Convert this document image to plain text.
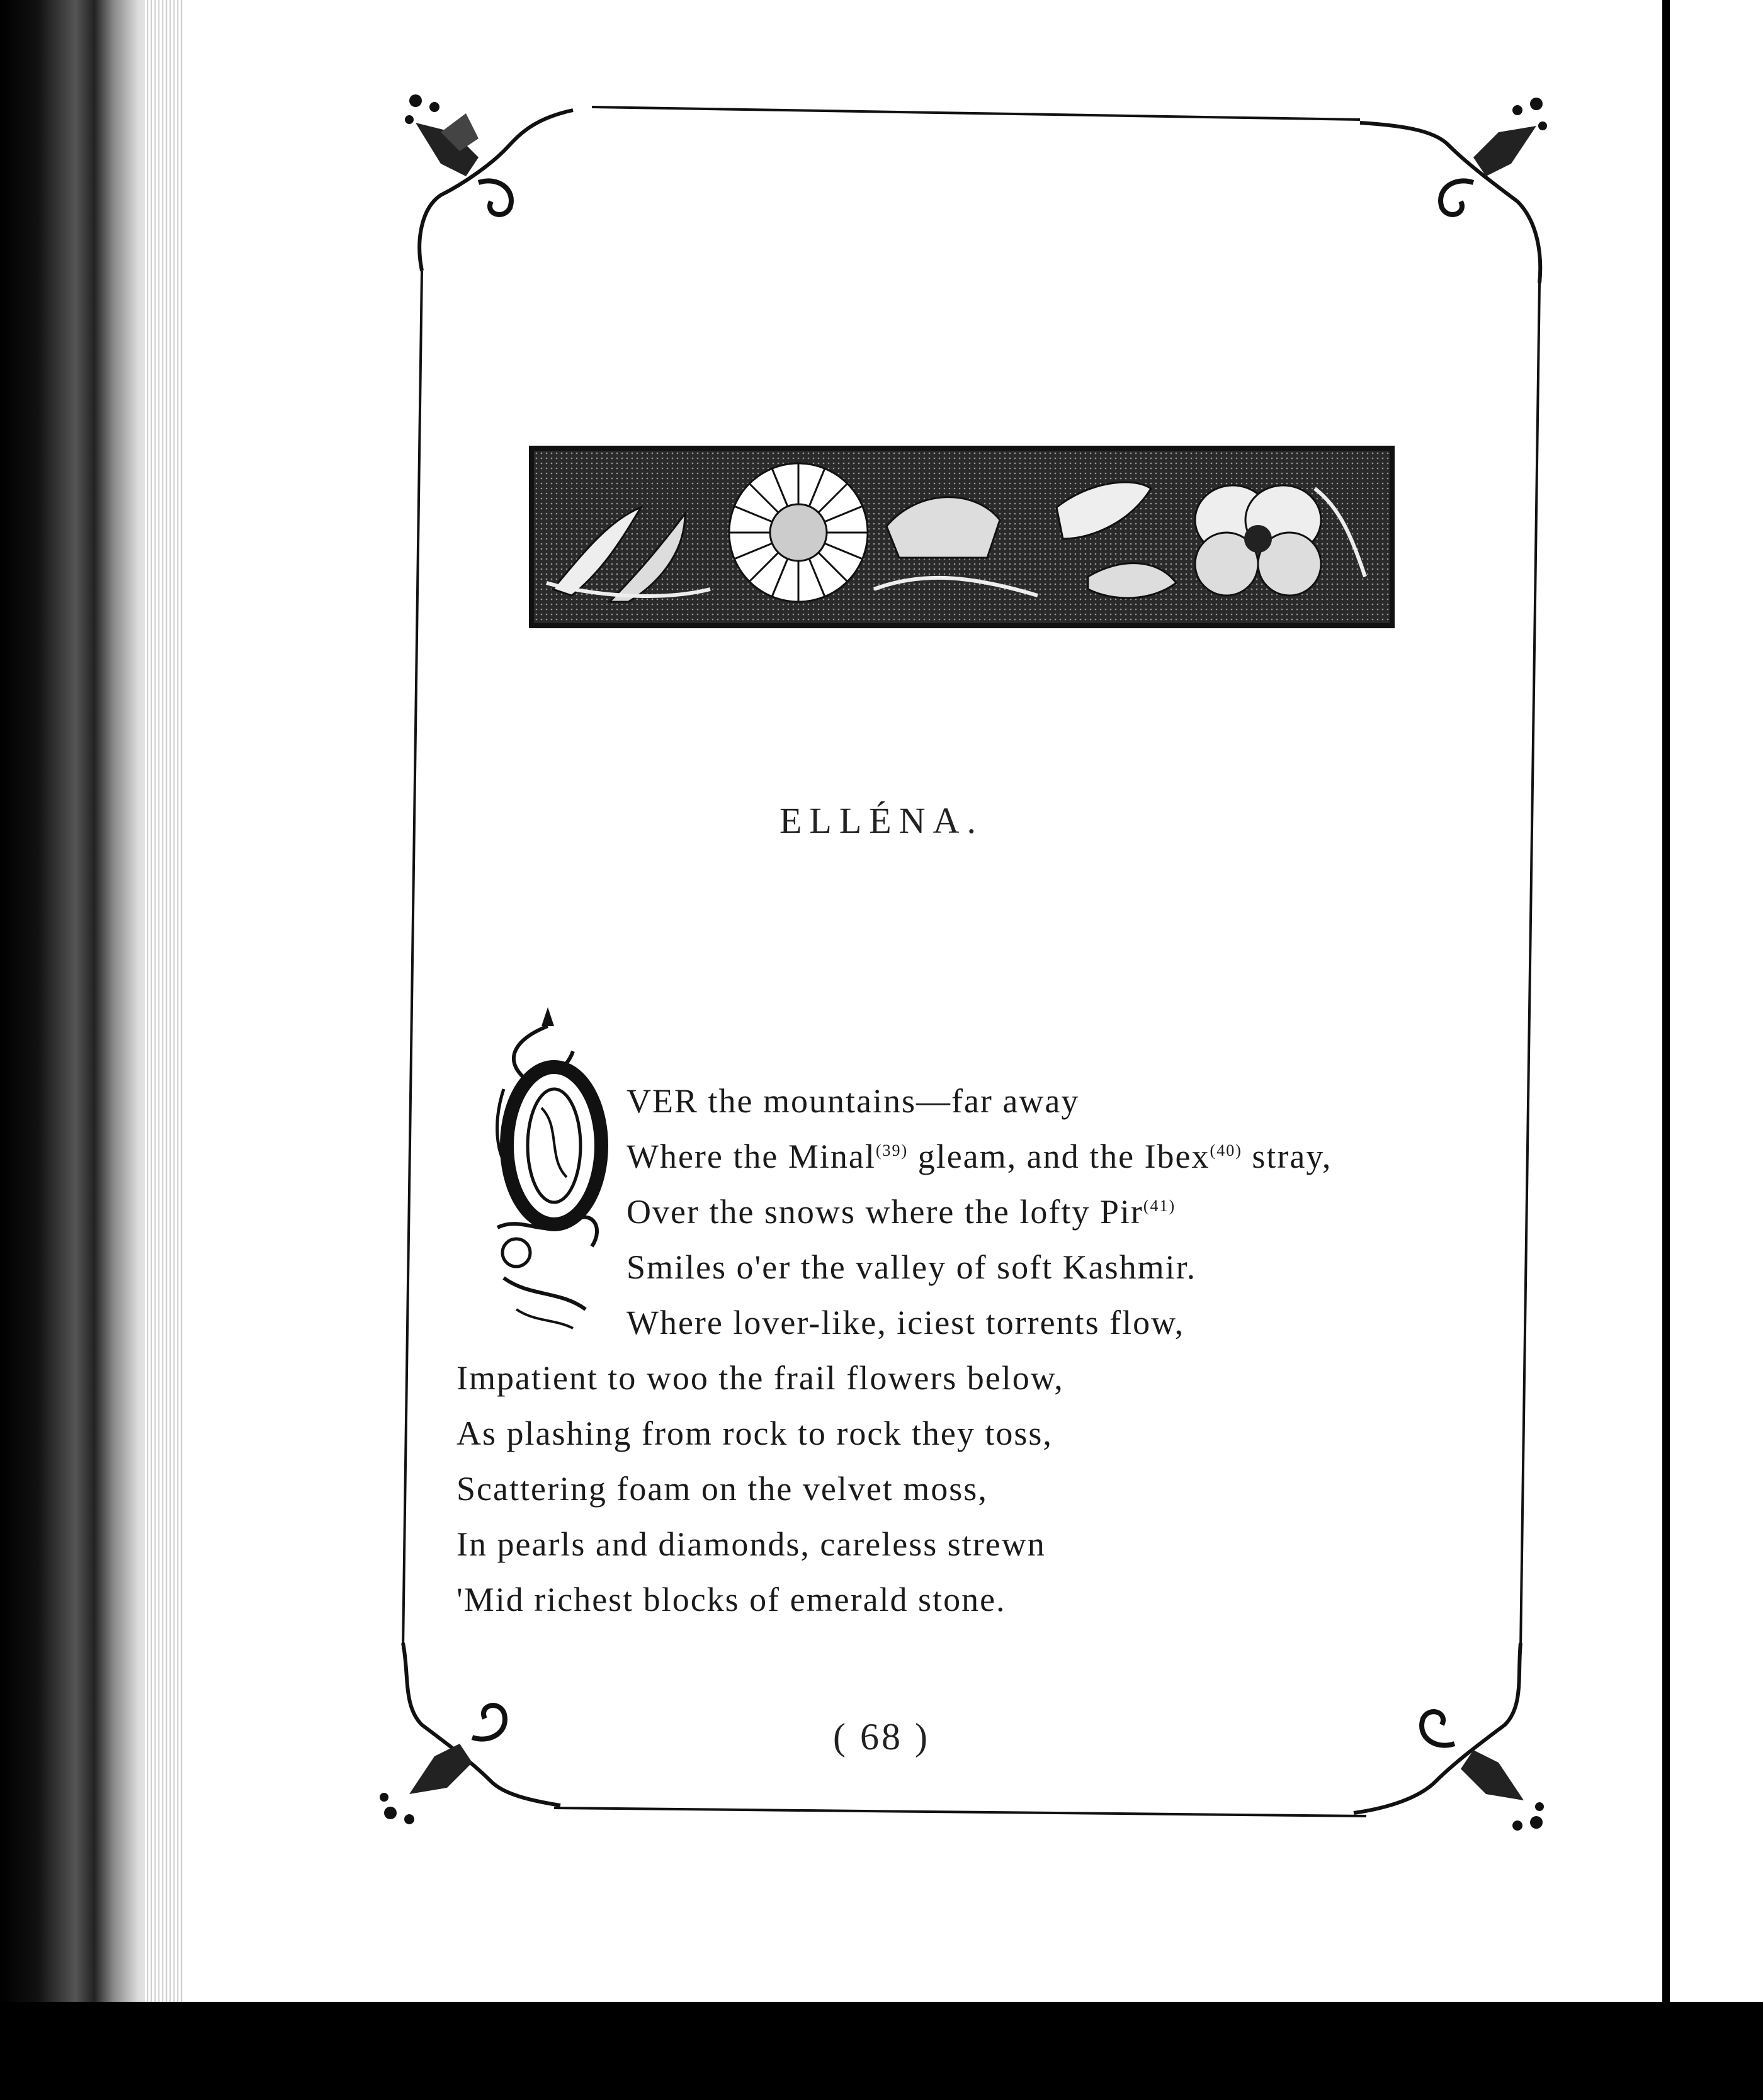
ELLÉNA.
VER the mountains—far away
Where the Minal$^{(39)}$ gleam, and the Ibex$^{(40)}$ stray,
Over the snows where the lofty Pir$^{(41)}$
Smiles o'er the valley of soft Kashmir.
Where lover-like, iciest torrents flow,
Impatient to woo the frail flowers below,
As plashing from rock to rock they toss,
Scattering foam on the velvet moss,
In pearls and diamonds, careless strewn
'Mid richest blocks of emerald stone.
( 68 )
